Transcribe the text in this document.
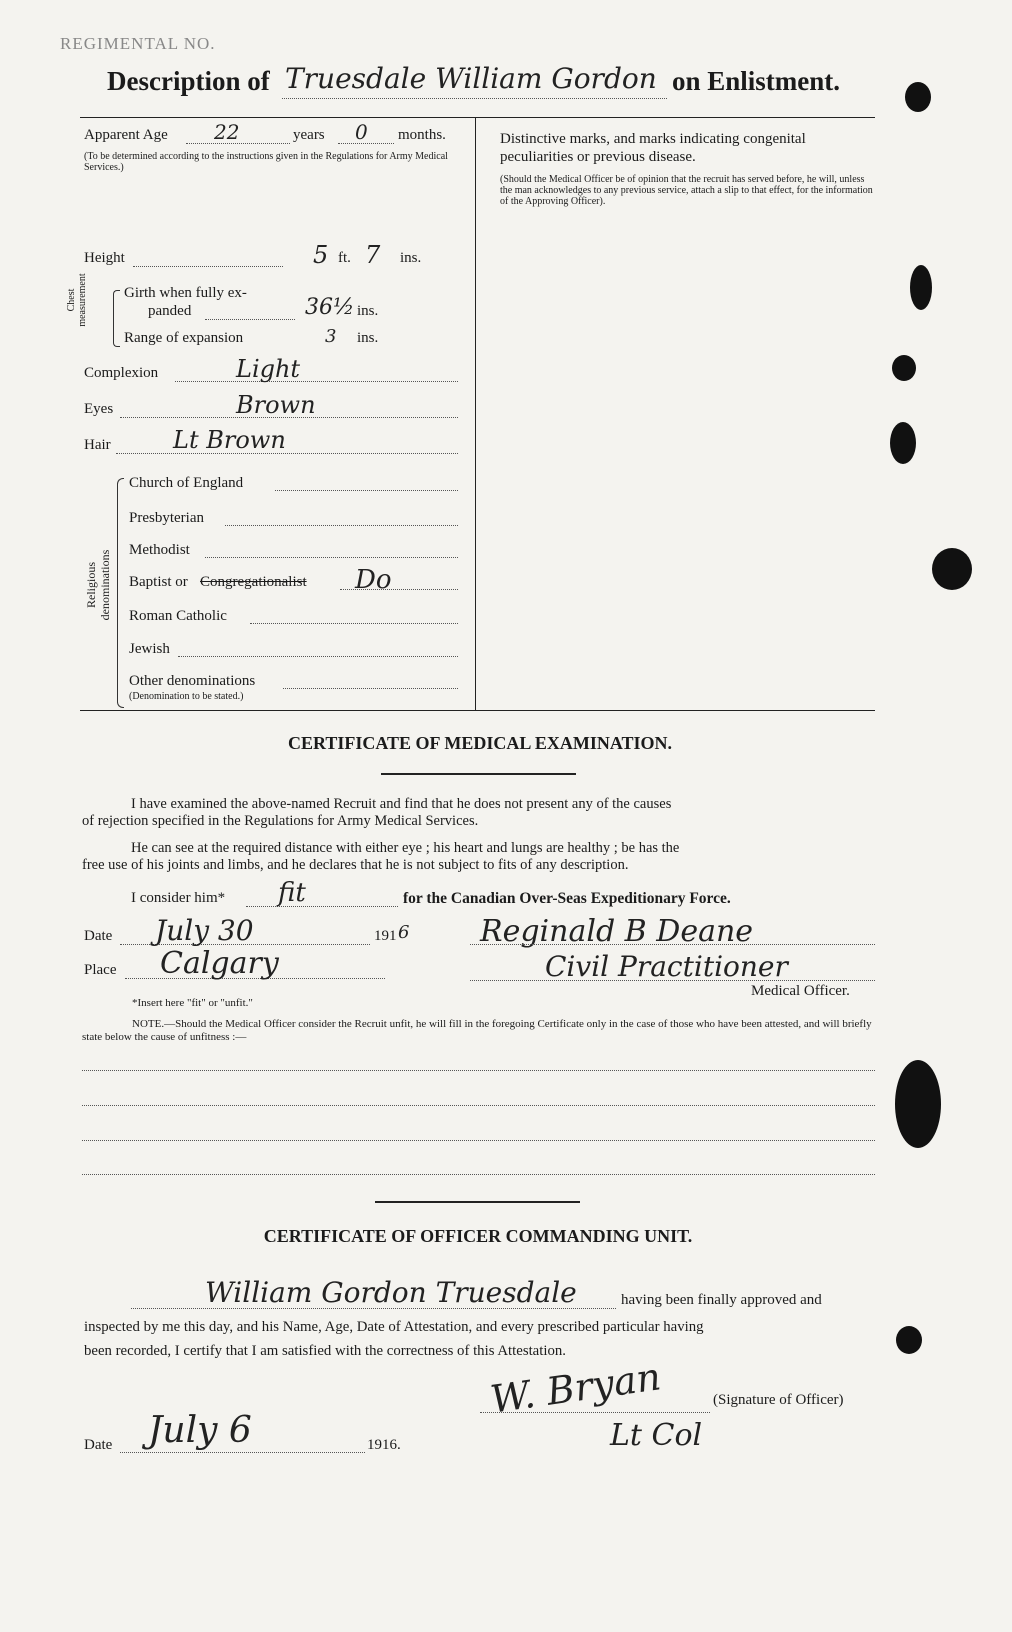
REGIMENTAL NO.
Description of Truesdale William Gordon on Enlistment.
Apparent Age 22	years 0 months.
(To be determined according to the instructions given in the Regulations for Army Medical Services.)
Height	5 ft. 7 ins.
Chest measurement Girth when fully ex-
panded	36½ ins.
Range of expansion	3 ins.
Complexion	Light
Eyes	Brown
Hair	Lt Brown
Religious denominations
Church of England
Presbyterian
Methodist
Baptist or Congregationalist Do
Roman Catholic
Jewish
Other denominations
(Denomination to be stated.)
Distinctive marks, and marks indicating congenital
peculiarities or previous disease.
(Should the Medical Officer be of opinion that the recruit has served before, he will, unless the man acknowledges to any previous service, attach a slip to that effect, for the information of the Approving Officer).
CERTIFICATE OF MEDICAL EXAMINATION.
I have examined the above-named Recruit and find that he does not present any of the causes
of rejection specified in the Regulations for Army Medical Services.
He can see at the required distance with either eye ; his heart and lungs are healthy ; be has the
free use of his joints and limbs, and he declares that he is not subject to fits of any description.
I consider him* fit	for the Canadian Over-Seas Expeditionary Force.
Date July 30	191 6 Reginald B Deane
Place Calgary	Civil Practitioner
Medical Officer.
*Insert here "fit" or "unfit."
NOTE.—Should the Medical Officer consider the Recruit unfit, he will fill in the foregoing Certificate only in the case of those who have been attested, and will briefly state below the cause of unfitness :—
CERTIFICATE OF OFFICER COMMANDING UNIT.
William Gordon Truesdale	having been finally approved and
inspected by me this day, and his Name, Age, Date of Attestation, and every prescribed particular having
been recorded, I certify that I am satisfied with the correctness of this Attestation.
W. Bryan	(Signature of Officer)
Lt Col
Date July 6	1916.
